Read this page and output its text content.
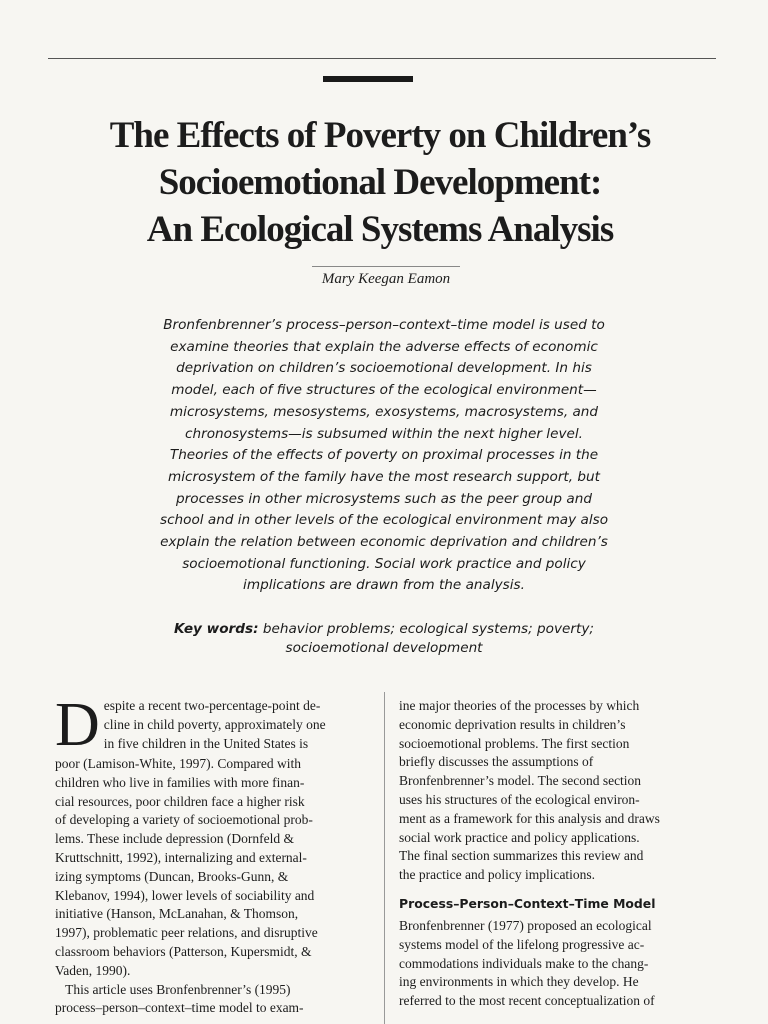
The Effects of Poverty on Children’s
Socioemotional Development:
An Ecological Systems Analysis
Mary Keegan Eamon
Bronfenbrenner’s process–person–context–time model is used to
examine theories that explain the adverse effects of economic
deprivation on children’s socioemotional development. In his
model, each of five structures of the ecological environment—
microsystems, mesosystems, exosystems, macrosystems, and
chronosystems—is subsumed within the next higher level.
Theories of the effects of poverty on proximal processes in the
microsystem of the family have the most research support, but
processes in other microsystems such as the peer group and
school and in other levels of the ecological environment may also
explain the relation between economic deprivation and children’s
socioemotional functioning. Social work practice and policy
implications are drawn from the analysis.
Key words: behavior problems; ecological systems; poverty;
socioemotional development
D espite a recent two-percentage-point de-
cline in child poverty, approximately one
in five children in the United States is
poor (Lamison-White, 1997). Compared with
children who live in families with more finan-
cial resources, poor children face a higher risk
of developing a variety of socioemotional prob-
lems. These include depression (Dornfeld &
Kruttschnitt, 1992), internalizing and external-
izing symptoms (Duncan, Brooks-Gunn, &
Klebanov, 1994), lower levels of sociability and
initiative (Hanson, McLanahan, & Thomson,
1997), problematic peer relations, and disruptive
classroom behaviors (Patterson, Kupersmidt, &
Vaden, 1990).
This article uses Bronfenbrenner’s (1995)
process–person–context–time model to exam-
ine major theories of the processes by which
economic deprivation results in children’s
socioemotional problems. The first section
briefly discusses the assumptions of
Bronfenbrenner’s model. The second section
uses his structures of the ecological environ-
ment as a framework for this analysis and draws
social work practice and policy applications.
The final section summarizes this review and
the practice and policy implications.
Process–Person–Context–Time Model
Bronfenbrenner (1977) proposed an ecological
systems model of the lifelong progressive ac-
commodations individuals make to the chang-
ing environments in which they develop. He
referred to the most recent conceptualization of
